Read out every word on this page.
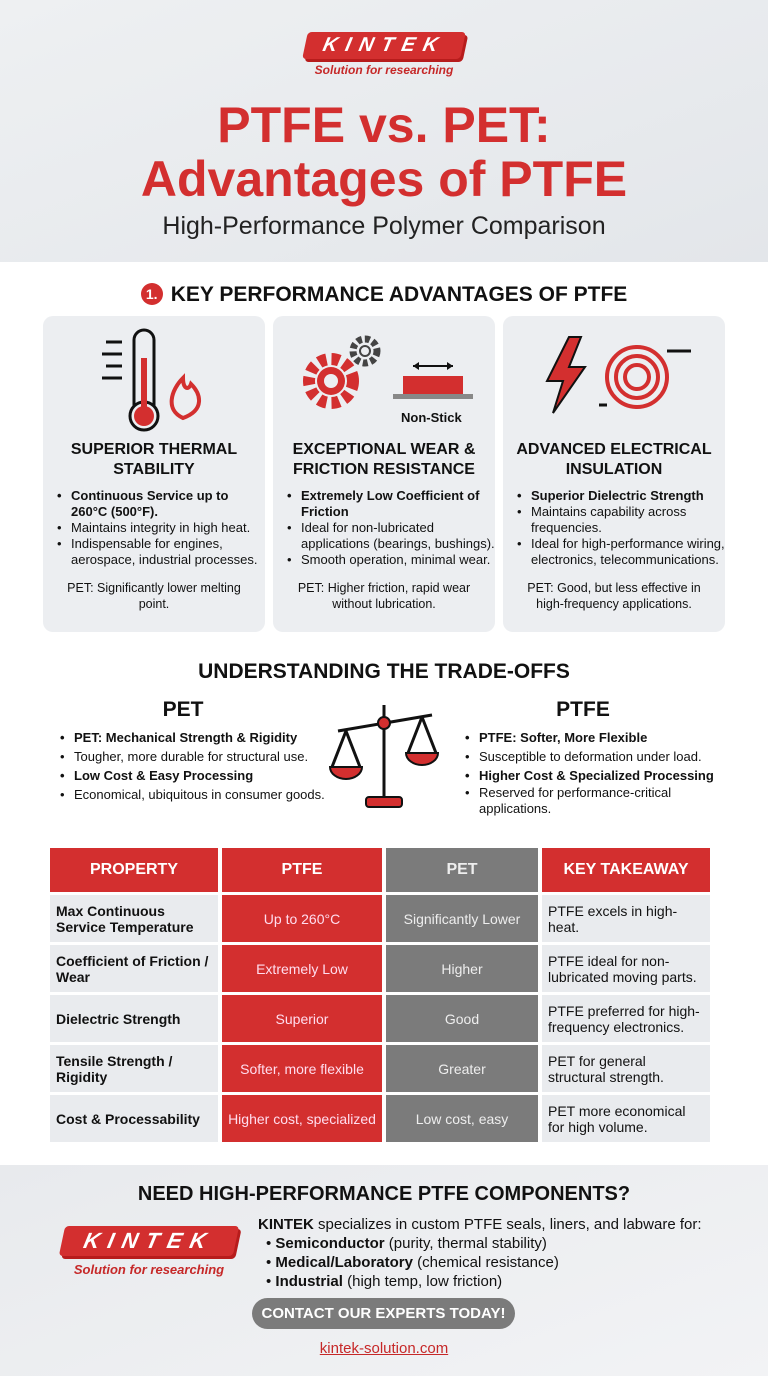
KINTEK
Solution for researching
PTFE vs. PET:
Advantages of PTFE
High-Performance Polymer Comparison
1. KEY PERFORMANCE ADVANTAGES OF PTFE
SUPERIOR THERMAL STABILITY
• Continuous Service up to 260°C (500°F).
• Maintains integrity in high heat.
• Indispensable for engines, aerospace, industrial processes.
PET: Significantly lower melting point.
Non-Stick
EXCEPTIONAL WEAR & FRICTION RESISTANCE
• Extremely Low Coefficient of Friction
• Ideal for non-lubricated applications (bearings, bushings).
• Smooth operation, minimal wear.
PET: Higher friction, rapid wear without lubrication.
ADVANCED ELECTRICAL INSULATION
• Superior Dielectric Strength
• Maintains capability across frequencies.
• Ideal for high-performance wiring, electronics, telecommunications.
PET: Good, but less effective in high-frequency applications.
UNDERSTANDING THE TRADE-OFFS
PET
• PET: Mechanical Strength & Rigidity
• Tougher, more durable for structural use.
• Low Cost & Easy Processing
• Economical, ubiquitous in consumer goods.
PTFE
• PTFE: Softer, More Flexible
• Susceptible to deformation under load.
• Higher Cost & Specialized Processing
• Reserved for performance-critical applications.
PROPERTY	PTFE	PET	KEY TAKEAWAY
Max Continuous Service Temperature	Up to 260°C	Significantly Lower	PTFE excels in high-heat.
Coefficient of Friction / Wear	Extremely Low	Higher	PTFE ideal for non-lubricated moving parts.
Dielectric Strength	Superior	Good	PTFE preferred for high-frequency electronics.
Tensile Strength / Rigidity	Softer, more flexible	Greater	PET for general structural strength.
Cost & Processability	Higher cost, specialized	Low cost, easy	PET more economical for high volume.
NEED HIGH-PERFORMANCE PTFE COMPONENTS?
KINTEK
Solution for researching
KINTEK specializes in custom PTFE seals, liners, and labware for:
• Semiconductor (purity, thermal stability)
• Medical/Laboratory (chemical resistance)
• Industrial (high temp, low friction)
CONTACT OUR EXPERTS TODAY!
kintek-solution.com
